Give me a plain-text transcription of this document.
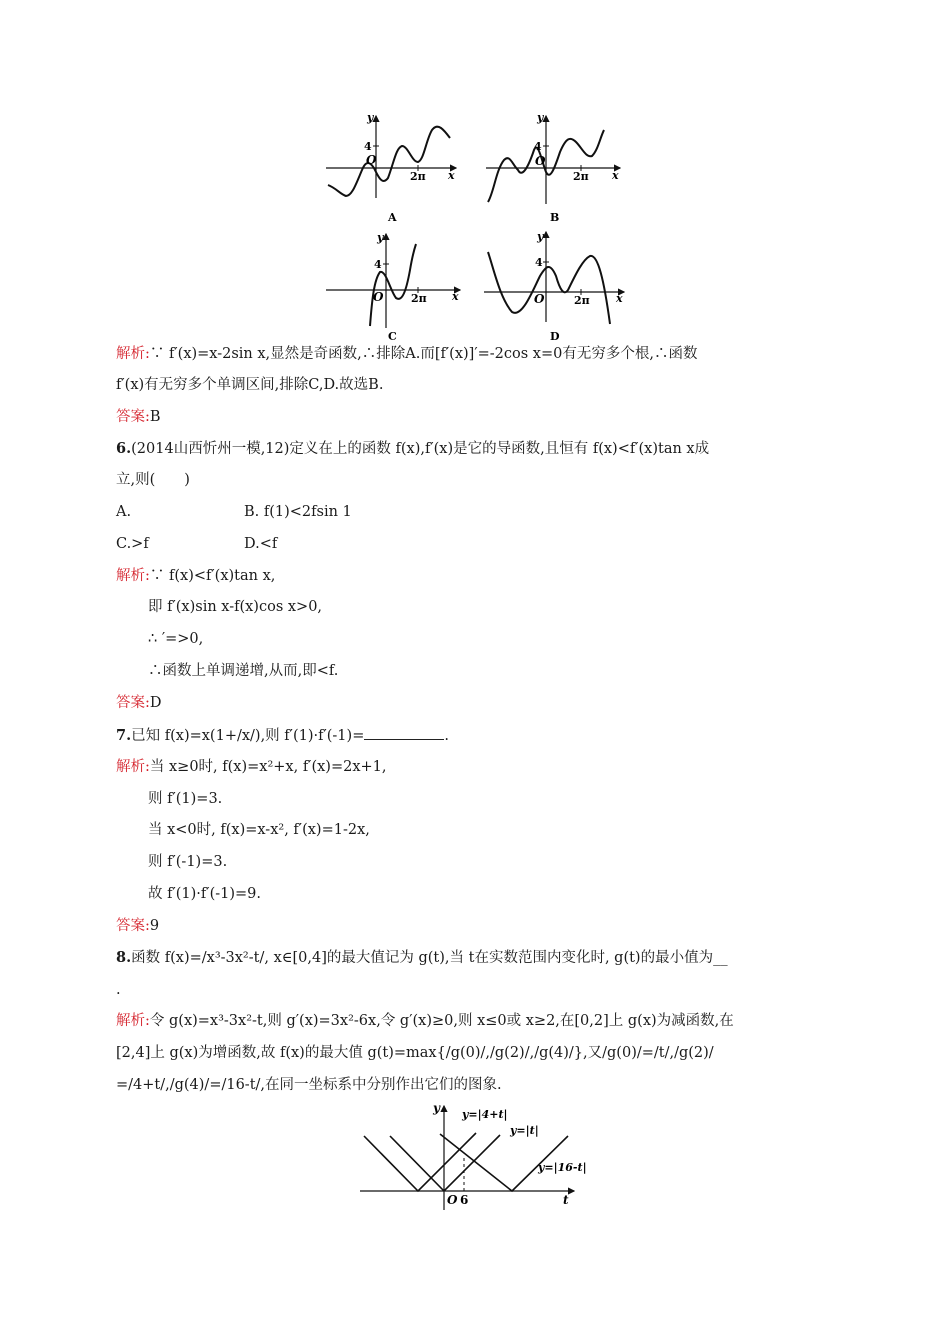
4
2π
O
x
y
A
4
2π
O
x
y
B
4
2π
O	x
y
C
4
2π
O	x
y
D
解析:∵ f′(x)=x-2sin x,显然是奇函数,∴排除A.而[f′(x)]′=-2cos x=0有无穷多个根,∴函数
f′(x)有无穷多个单调区间,排除C,D.故选B.
答案:B
6.(2014山西忻州一模,12)定义在上的函数 f(x),f′(x)是它的导函数,且恒有 f(x)<f′(x)tan x成
立,则(　　)
A.	B. f(1)<2fsin 1
C.>f	D.<f
解析:∵ f(x)<f′(x)tan x,
即 f′(x)sin x-f(x)cos x>0,
∴ ′=>0,
∴函数上单调递增,从而,即<f.
答案:D
7.已知 f(x)=x(1+/x/),则 f′(1)·f′(-1)=	.
解析:当 x≥0时, f(x)=x²+x, f′(x)=2x+1,
则 f′(1)=3.
当 x<0时, f(x)=x-x², f′(x)=1-2x,
则 f′(-1)=3.
故 f′(1)·f′(-1)=9.
答案:9
8.函数 f(x)=/x³-3x²-t/, x∈[0,4]的最大值记为 g(t),当 t在实数范围内变化时, g(t)的最小值为__
.
解析:令 g(x)=x³-3x²-t,则 g′(x)=3x²-6x,令 g′(x)≥0,则 x≤0或 x≥2,在[0,2]上 g(x)为减函数,在
[2,4]上 g(x)为增函数,故 f(x)的最大值 g(t)=max{/g(0)/,/g(2)/,/g(4)/},又/g(0)/=/t/,/g(2)/
=/4+t/,/g(4)/=/16-t/,在同一坐标系中分别作出它们的图象.
y=|4+t|
y=|t|
y=|16-t|
O 6	t
y
